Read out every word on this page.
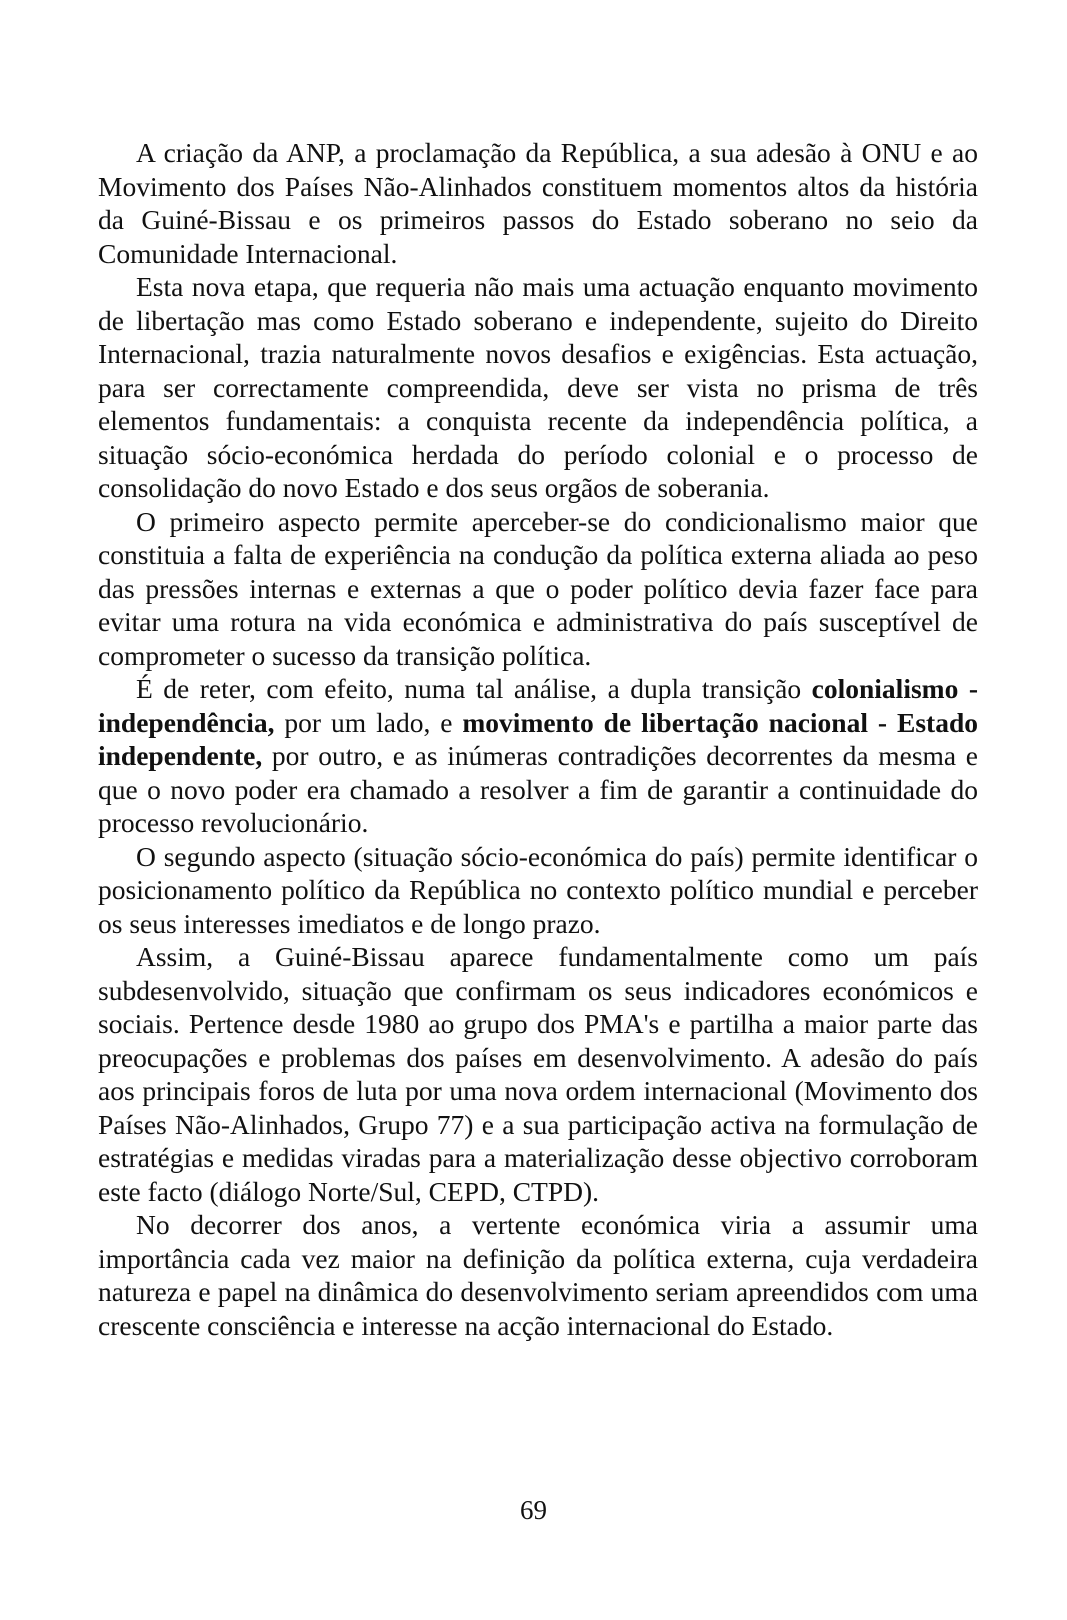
A criação da ANP, a proclamação da República, a sua adesão à ONU e ao Movimento dos Países Não-Alinhados constituem momentos altos da história da Guiné-Bissau e os primeiros passos do Estado soberano no seio da Comunidade Internacional.

Esta nova etapa, que requeria não mais uma actuação enquanto movimento de libertação mas como Estado soberano e independente, sujeito do Direito Internacional, trazia naturalmente novos desafios e exigências. Esta actuação, para ser correctamente compreendida, deve ser vista no prisma de três elementos fundamentais: a conquista recente da independência política, a situação sócio-económica herdada do período colonial e o processo de consolidação do novo Estado e dos seus orgãos de soberania.

O primeiro aspecto permite aperceber-se do condicionalismo maior que constituia a falta de experiência na condução da política externa aliada ao peso das pressões internas e externas a que o poder político devia fazer face para evitar uma rotura na vida económica e administrativa do país susceptível de comprometer o sucesso da transição política.

É de reter, com efeito, numa tal análise, a dupla transição colonialismo - independência, por um lado, e movimento de libertação nacional - Estado independente, por outro, e as inúmeras contradições decorrentes da mesma e que o novo poder era chamado a resolver a fim de garantir a continuidade do processo revolucionário.

O segundo aspecto (situação sócio-económica do país) permite identificar o posicionamento político da República no contexto político mundial e perceber os seus interesses imediatos e de longo prazo.

Assim, a Guiné-Bissau aparece fundamentalmente como um país subdesenvolvido, situação que confirmam os seus indicadores económicos e sociais. Pertence desde 1980 ao grupo dos PMA's e partilha a maior parte das preocupações e problemas dos países em desenvolvimento. A adesão do país aos principais foros de luta por uma nova ordem internacional (Movimento dos Países Não-Alinhados, Grupo 77) e a sua participação activa na formulação de estratégias e medidas viradas para a materialização desse objectivo corroboram este facto (diálogo Norte/Sul, CEPD, CTPD).

No decorrer dos anos, a vertente económica viria a assumir uma importância cada vez maior na definição da política externa, cuja verdadeira natureza e papel na dinâmica do desenvolvimento seriam apreendidos com uma crescente consciência e interesse na acção internacional do Estado.

69
